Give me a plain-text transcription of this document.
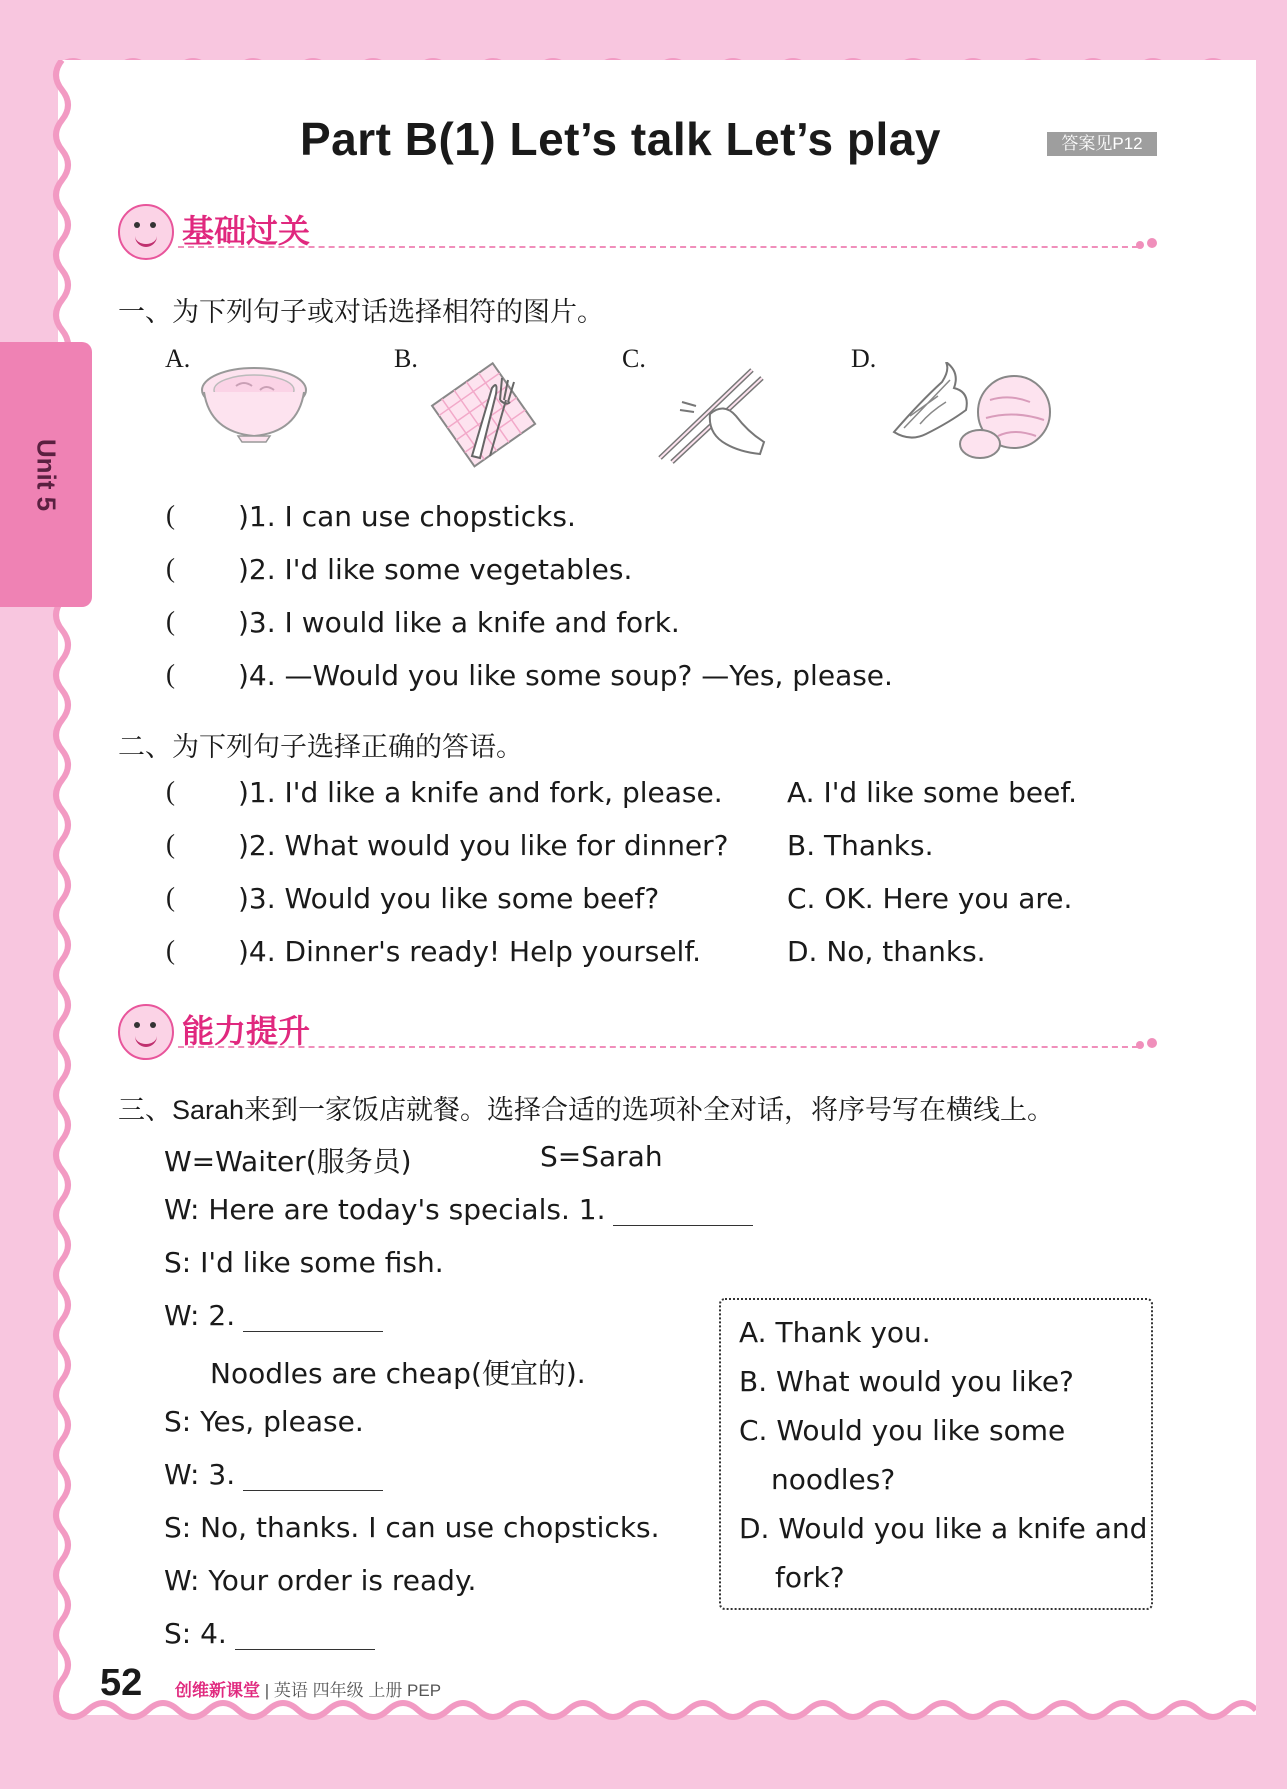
Unit 5
Part B(1) Let’s talk Let’s play	答案见P12
基础过关
一、为下列句子或对话选择相符的图片。
A.	B.	C.	D.
( )1. I can use chopsticks.
( )2. I'd like some vegetables.
( )3. I would like a knife and fork.
( )4. —Would you like some soup? —Yes, please.
二、为下列句子选择正确的答语。
( )1. I'd like a knife and fork, please. A. I'd like some beef.
( )2. What would you like for dinner? B. Thanks.
( )3. Would you like some beef?	C. OK. Here you are.
( )4. Dinner's ready! Help yourself.	D. No, thanks.
能力提升
三、Sarah来到一家饭店就餐。选择合适的选项补全对话，将序号写在横线上。
W=Waiter(服务员)	S=Sarah
W: Here are today's specials. 1.
S: I'd like some fish.
W: 2.
Noodles are cheap(便宜的).
S: Yes, please.
W: 3.
S: No, thanks. I can use chopsticks.
W: Your order is ready.
S: 4.
A. Thank you.
B. What would you like?
C. Would you like some
noodles?
D. Would you like a knife and
fork?
52 创维新课堂 | 英语 四年级 上册 PEP
